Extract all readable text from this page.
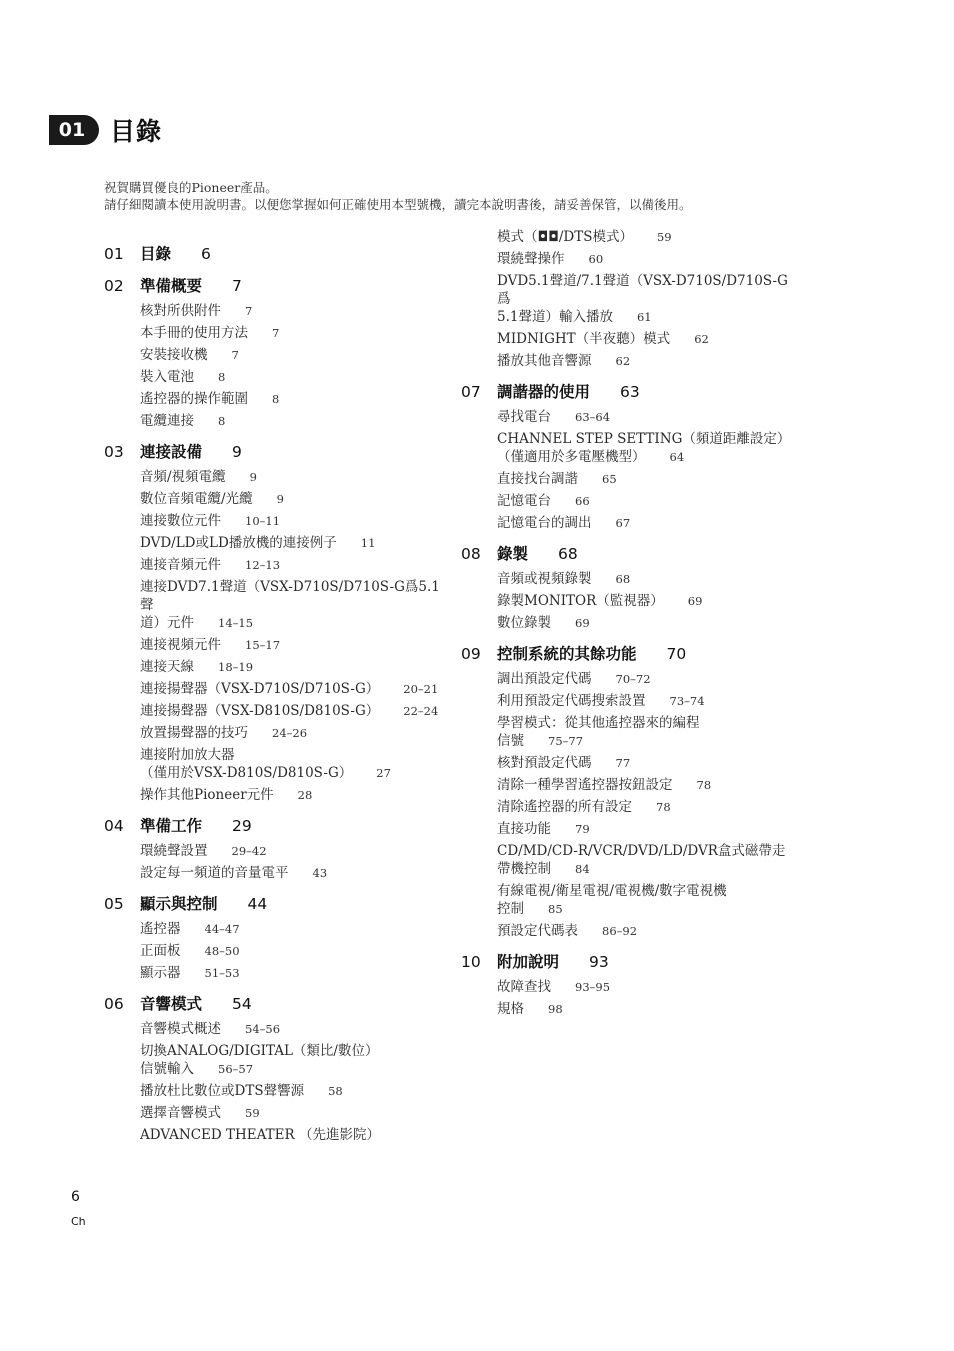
01 目錄
祝賀購買優良的Pioneer產品。
請仔細閱讀本使用說明書。以便您掌握如何正確使用本型號機，讀完本說明書後，請妥善保管，以備後用。
01	目錄 6
02	準備概要 7
核對所供附件 7
本手冊的使用方法 7
安裝接收機 7
裝入電池 8
遙控器的操作範圍 8
電纜連接 8
03	連接設備 9
音頻/視頻電纜 9
數位音頻電纜/光纜 9
連接數位元件 10–11
DVD/LD或LD播放機的連接例子 11
連接音頻元件 12–13
連接DVD7.1聲道（VSX-D710S/D710S-G爲5.1聲
道）元件 14–15
連接視頻元件 15–17
連接天線 18–19
連接揚聲器（VSX-D710S/D710S-G） 20–21
連接揚聲器（VSX-D810S/D810S-G） 22–24
放置揚聲器的技巧 24–26
連接附加放大器
（僅用於VSX-D810S/D810S-G） 27
操作其他Pioneer元件 28
04	準備工作 29
環繞聲設置 29–42
設定每一頻道的音量電平 43
05	顯示與控制 44
遙控器 44–47
正面板 48–50
顯示器 51–53
06	音響模式 54
音響模式概述 54–56
切換ANALOG/DIGITAL（類比/數位）
信號輸入 56–57
播放杜比數位或DTS聲響源 58
選擇音響模式 59
ADVANCED THEATER （先進影院）
模式（◘◘/DTS模式） 59
環繞聲操作 60
DVD5.1聲道/7.1聲道（VSX-D710S/D710S-G爲
5.1聲道）輸入播放 61
MIDNIGHT（半夜聽）模式 62
播放其他音響源 62
07	調諧器的使用 63
尋找電台 63–64
CHANNEL STEP SETTING（頻道距離設定）
（僅適用於多電壓機型） 64
直接找台調諧 65
記憶電台 66
記憶電台的調出 67
08	錄製 68
音頻或視頻錄製 68
錄製MONITOR（監視器） 69
數位錄製 69
09	控制系統的其餘功能 70
調出預設定代碼 70–72
利用預設定代碼搜索設置 73–74
學習模式：從其他遙控器來的編程
信號 75–77
核對預設定代碼 77
清除一種學習遙控器按鈕設定 78
清除遙控器的所有設定 78
直接功能 79
CD/MD/CD-R/VCR/DVD/LD/DVR盒式磁帶走
帶機控制 84
有線電視/衛星電視/電視機/數字電視機
控制 85
預設定代碼表 86–92
10	附加說明 93
故障查找 93–95
規格 98
6
Ch
